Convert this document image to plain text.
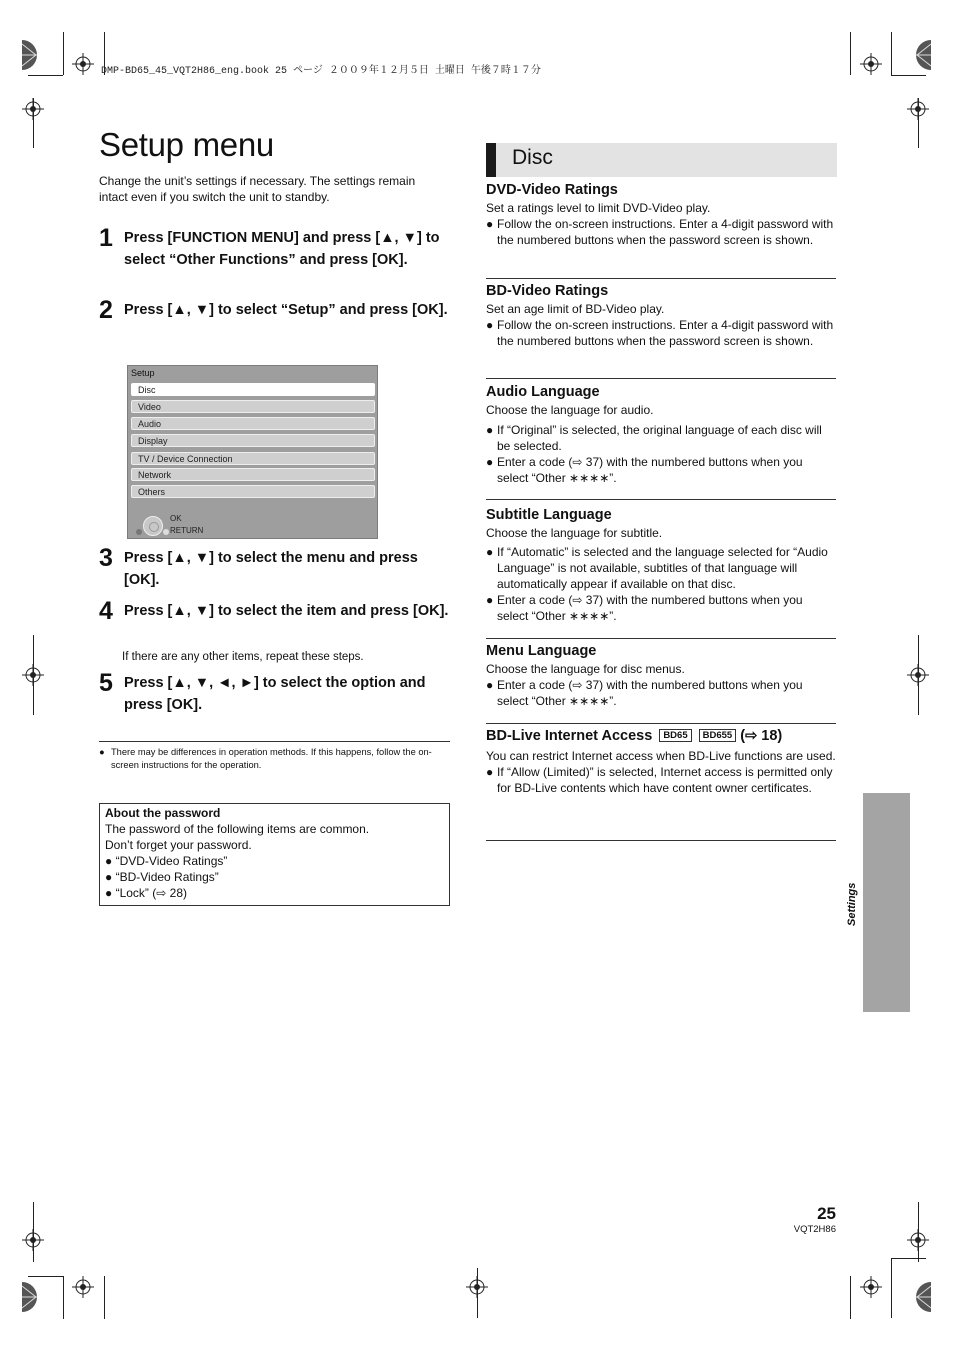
DMP-BD65_45_VQT2H86_eng.book 25 ページ ２００９年１２月５日 土曜日 午後７時１７分
Setup menu
Change the unit’s settings if necessary. The settings remain intact even if you switch the unit to standby.
1 Press [FUNCTION MENU] and press [▲, ▼] to select “Other Functions” and press [OK].
2 Press [▲, ▼] to select “Setup” and press [OK].
Setup
Disc
Video
Audio
Display
TV / Device Connection
Network
Others
OK
RETURN
3 Press [▲, ▼] to select the menu and press [OK].
4 Press [▲, ▼] to select the item and press [OK].
If there are any other items, repeat these steps.
5 Press [▲, ▼, ◄, ►] to select the option and press [OK].
● There may be differences in operation methods. If this happens, follow the on-screen instructions for the operation.
About the password
The password of the following items are common.
Don’t forget your password.
● “DVD-Video Ratings”
● “BD-Video Ratings”
● “Lock” (⇨ 28)
Disc
DVD-Video Ratings
Set a ratings level to limit DVD-Video play.
● Follow the on-screen instructions. Enter a 4-digit password with the numbered buttons when the password screen is shown.
BD-Video Ratings
Set an age limit of BD-Video play.
● Follow the on-screen instructions. Enter a 4-digit password with the numbered buttons when the password screen is shown.
Audio Language
Choose the language for audio.
● If “Original” is selected, the original language of each disc will be selected.
● Enter a code (⇨ 37) with the numbered buttons when you select “Other ∗∗∗∗”.
Subtitle Language
Choose the language for subtitle.
● If “Automatic” is selected and the language selected for “Audio Language” is not available, subtitles of that language will automatically appear if available on that disc.
● Enter a code (⇨ 37) with the numbered buttons when you select “Other ∗∗∗∗”.
Menu Language
Choose the language for disc menus.
● Enter a code (⇨ 37) with the numbered buttons when you select “Other ∗∗∗∗”.
BD-Live Internet Access BD65 BD655 (⇨ 18)
You can restrict Internet access when BD-Live functions are used.
● If “Allow (Limited)” is selected, Internet access is permitted only for BD-Live contents which have content owner certificates.
Settings
25
VQT2H86
